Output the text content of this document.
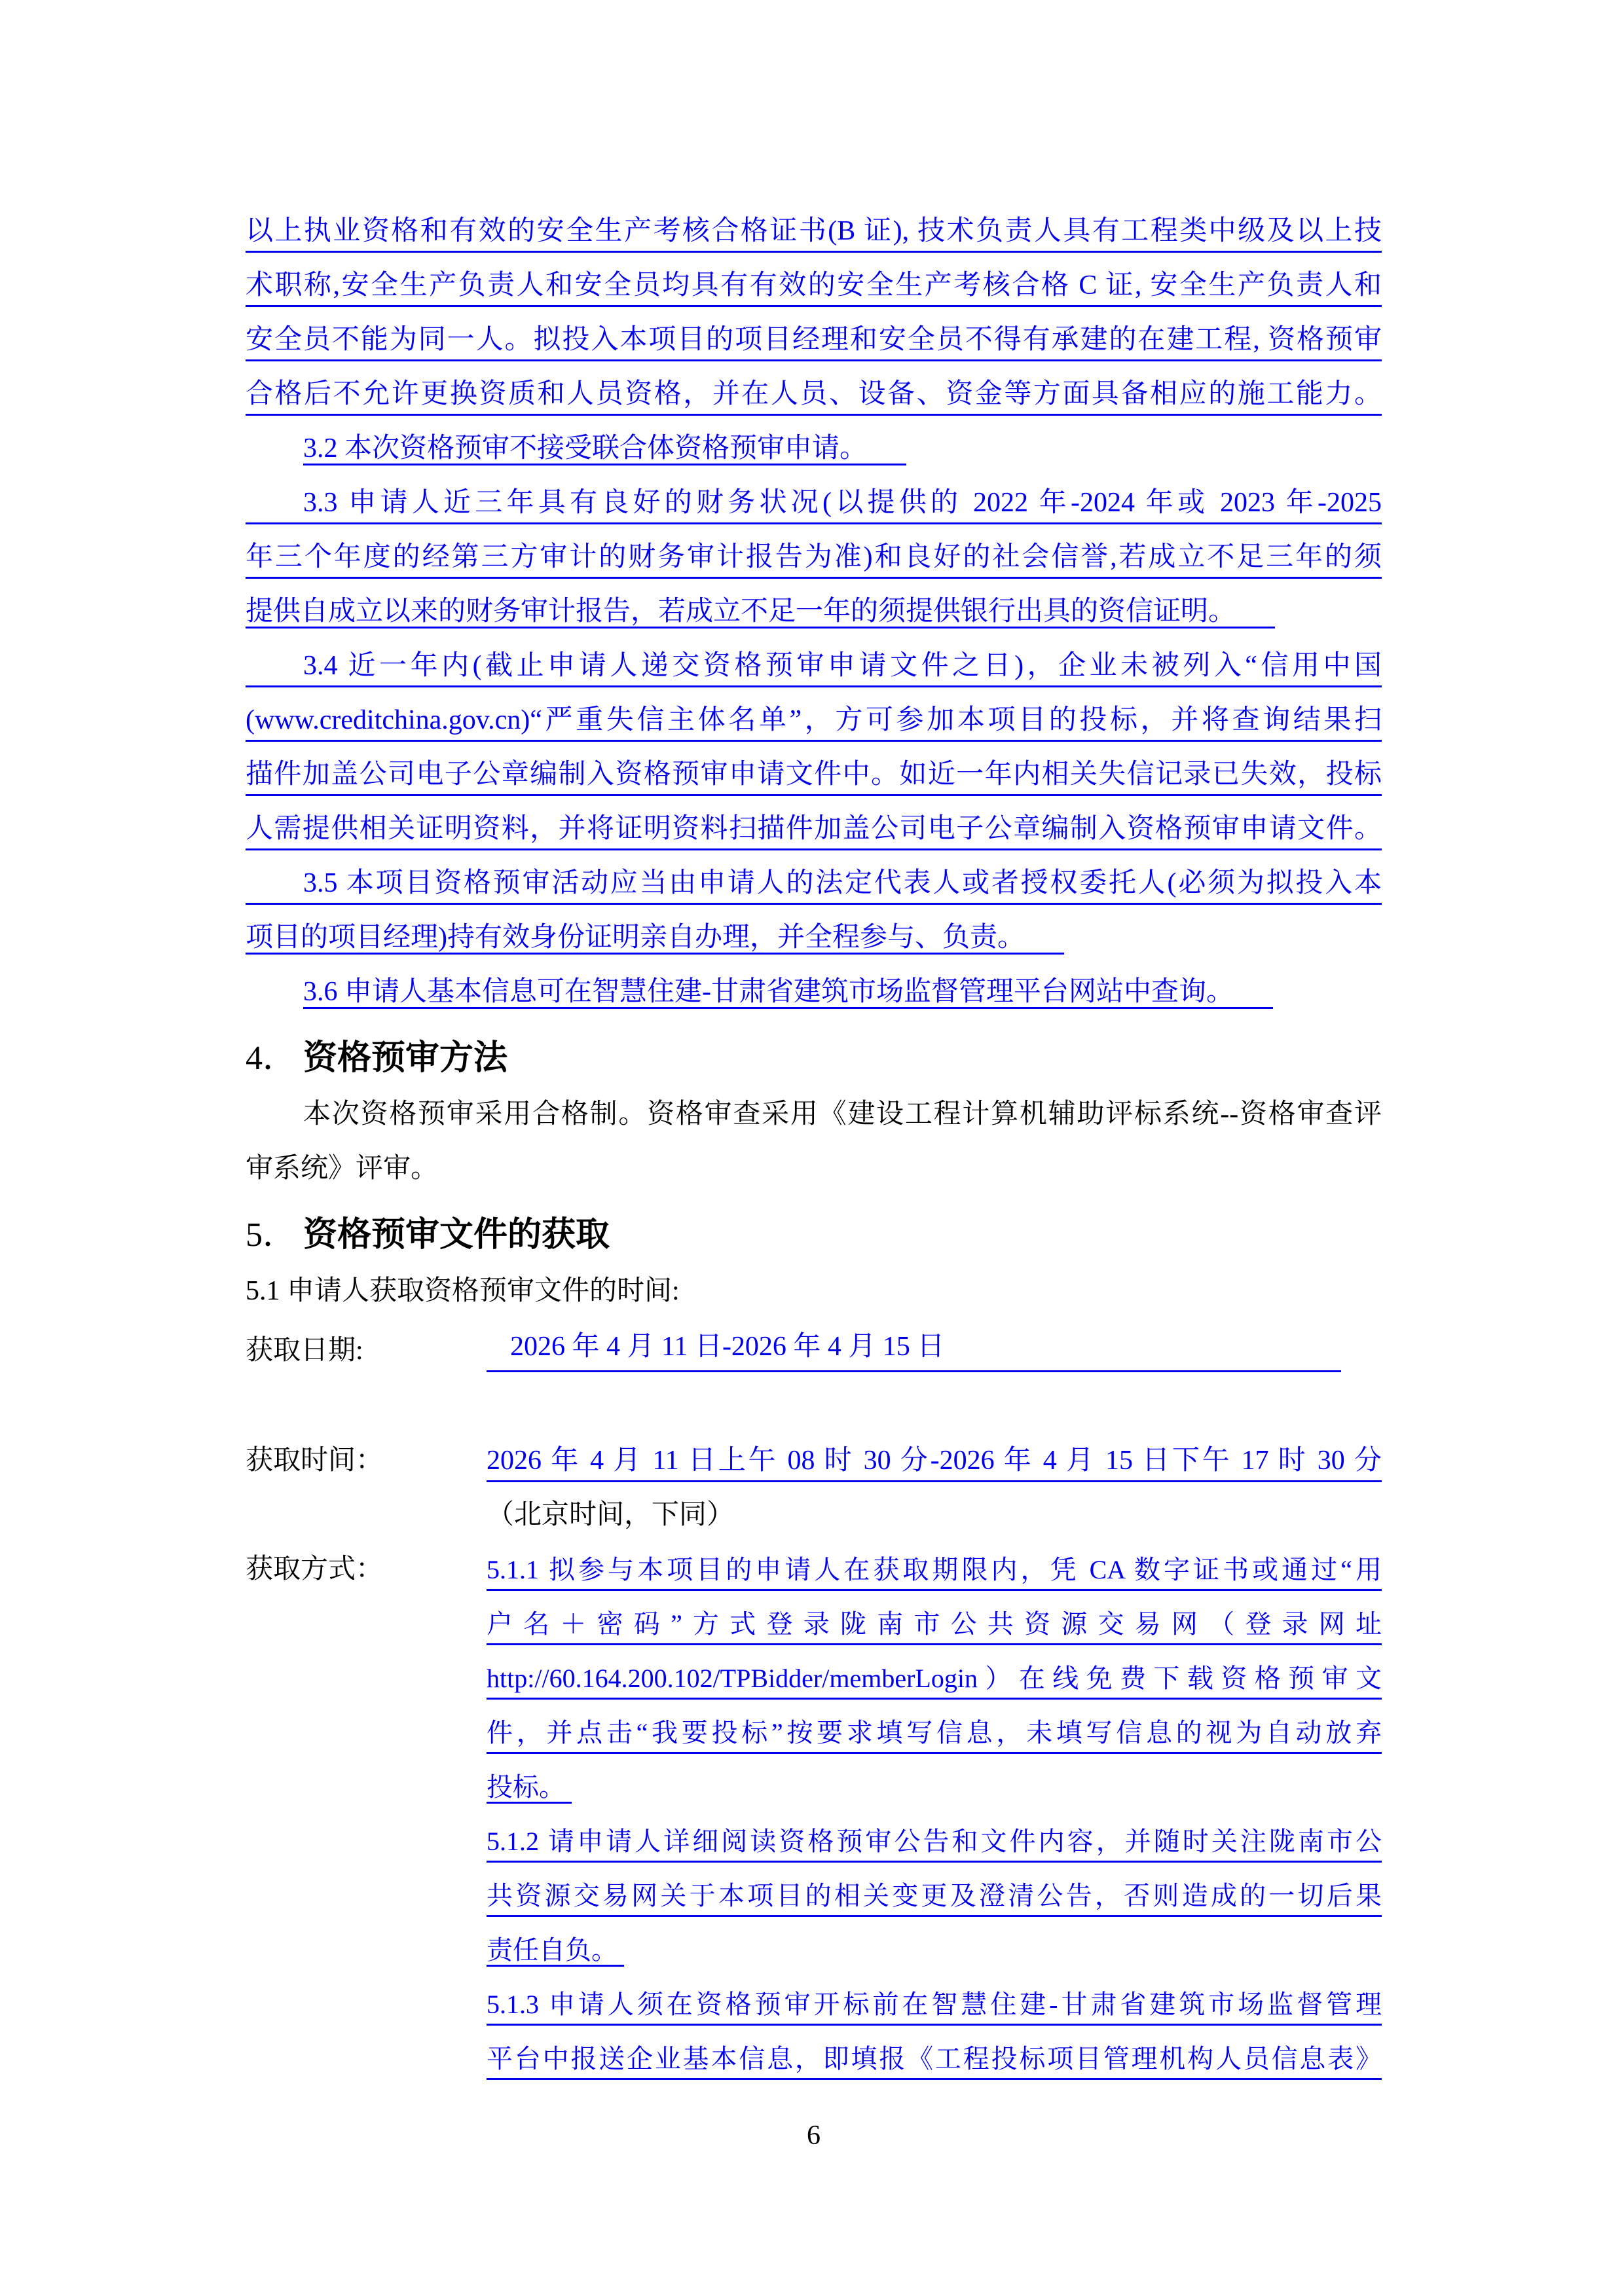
以上执业资格和有效的安全生产考核合格证书(B 证), 技术负责人具有工程类中级及以上技
术职称,安全生产负责人和安全员均具有有效的安全生产考核合格 C 证, 安全生产负责人和
安全员不能为同一人。拟投入本项目的项目经理和安全员不得有承建的在建工程, 资格预审
合格后不允许更换资质和人员资格，并在人员、设备、资金等方面具备相应的施工能力。
3.2 本次资格预审不接受联合体资格预审申请。
3.3 申请人近三年具有良好的财务状况(以提供的 2022 年-2024 年或 2023 年-2025
年三个年度的经第三方审计的财务审计报告为准)和良好的社会信誉,若成立不足三年的须
提供自成立以来的财务审计报告，若成立不足一年的须提供银行出具的资信证明。
3.4 近一年内(截止申请人递交资格预审申请文件之日)，企业未被列入“信用中国
(www.creditchina.gov.cn)“严重失信主体名单”，方可参加本项目的投标，并将查询结果扫
描件加盖公司电子公章编制入资格预审申请文件中。如近一年内相关失信记录已失效，投标
人需提供相关证明资料，并将证明资料扫描件加盖公司电子公章编制入资格预审申请文件。
3.5 本项目资格预审活动应当由申请人的法定代表人或者授权委托人(必须为拟投入本
项目的项目经理)持有效身份证明亲自办理，并全程参与、负责。
3.6 申请人基本信息可在智慧住建-甘肃省建筑市场监督管理平台网站中查询。
4． 资格预审方法
本次资格预审采用合格制。资格审查采用《建设工程计算机辅助评标系统--资格审查评
审系统》评审。
5． 资格预审文件的获取
5.1 申请人获取资格预审文件的时间:
获取日期:	2026 年 4 月 11 日-2026 年 4 月 15 日
获取时间：	2026 年 4 月 11 日上午 08 时 30 分-2026 年 4 月 15 日下午 17 时 30 分
（北京时间，下同）
获取方式：	5.1.1 拟参与本项目的申请人在获取期限内，凭 CA 数字证书或通过“用
户名＋密码”方式登录陇南市公共资源交易网（登录网址
http://60.164.200.102/TPBidder/memberLogin）在线免费下载资格预审文
件，并点击“我要投标”按要求填写信息，未填写信息的视为自动放弃
投标。
5.1.2 请申请人详细阅读资格预审公告和文件内容，并随时关注陇南市公
共资源交易网关于本项目的相关变更及澄清公告，否则造成的一切后果
责任自负。
5.1.3 申请人须在资格预审开标前在智慧住建-甘肃省建筑市场监督管理
平台中报送企业基本信息，即填报《工程投标项目管理机构人员信息表》
6
